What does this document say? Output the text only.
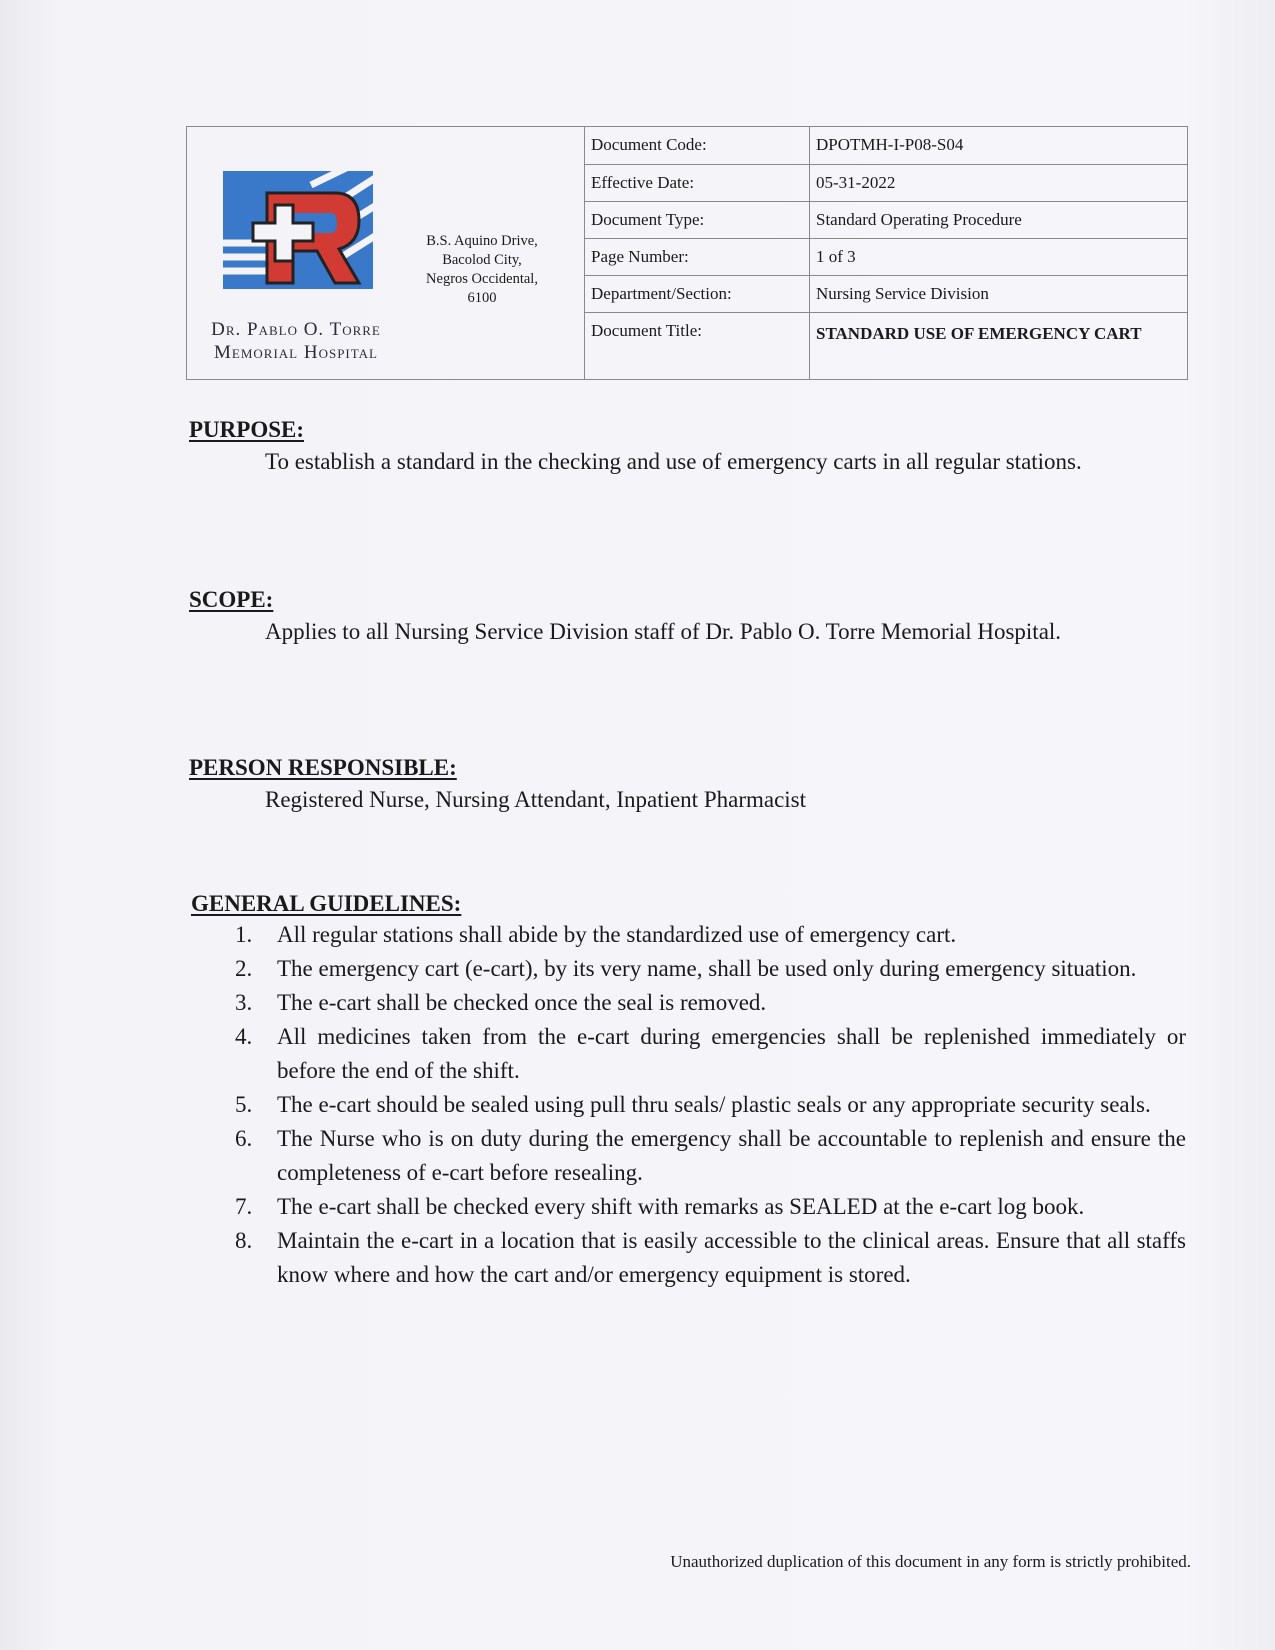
Dr. Pablo O. Torre
Memorial Hospital
B.S. Aquino Drive,
Bacolod City,
Negros Occidental,
6100
Document Code:	DPOTMH-I-P08-S04
Effective Date:	05-31-2022
Document Type:	Standard Operating Procedure
Page Number:	1 of 3
Department/Section:	Nursing Service Division
Document Title:	STANDARD USE OF EMERGENCY CART
PURPOSE:

To establish a standard in the checking and use of emergency carts in all regular stations.

SCOPE:

Applies to all Nursing Service Division staff of Dr. Pablo O. Torre Memorial Hospital.

PERSON RESPONSIBLE:

Registered Nurse, Nursing Attendant, Inpatient Pharmacist

GENERAL GUIDELINES:
1. All regular stations shall abide by the standardized use of emergency cart.
2. The emergency cart (e-cart), by its very name, shall be used only during emergency situation.
3. The e-cart shall be checked once the seal is removed.
4. All medicines taken from the e-cart during emergencies shall be replenished immediately or before the end of the shift.
5. The e-cart should be sealed using pull thru seals/ plastic seals or any appropriate security seals.
6. The Nurse who is on duty during the emergency shall be accountable to replenish and ensure the completeness of e-cart before resealing.
7. The e-cart shall be checked every shift with remarks as SEALED at the e-cart log book.
8. Maintain the e-cart in a location that is easily accessible to the clinical areas. Ensure that all staffs know where and how the cart and/or emergency equipment is stored.
Unauthorized duplication of this document in any form is strictly prohibited.
